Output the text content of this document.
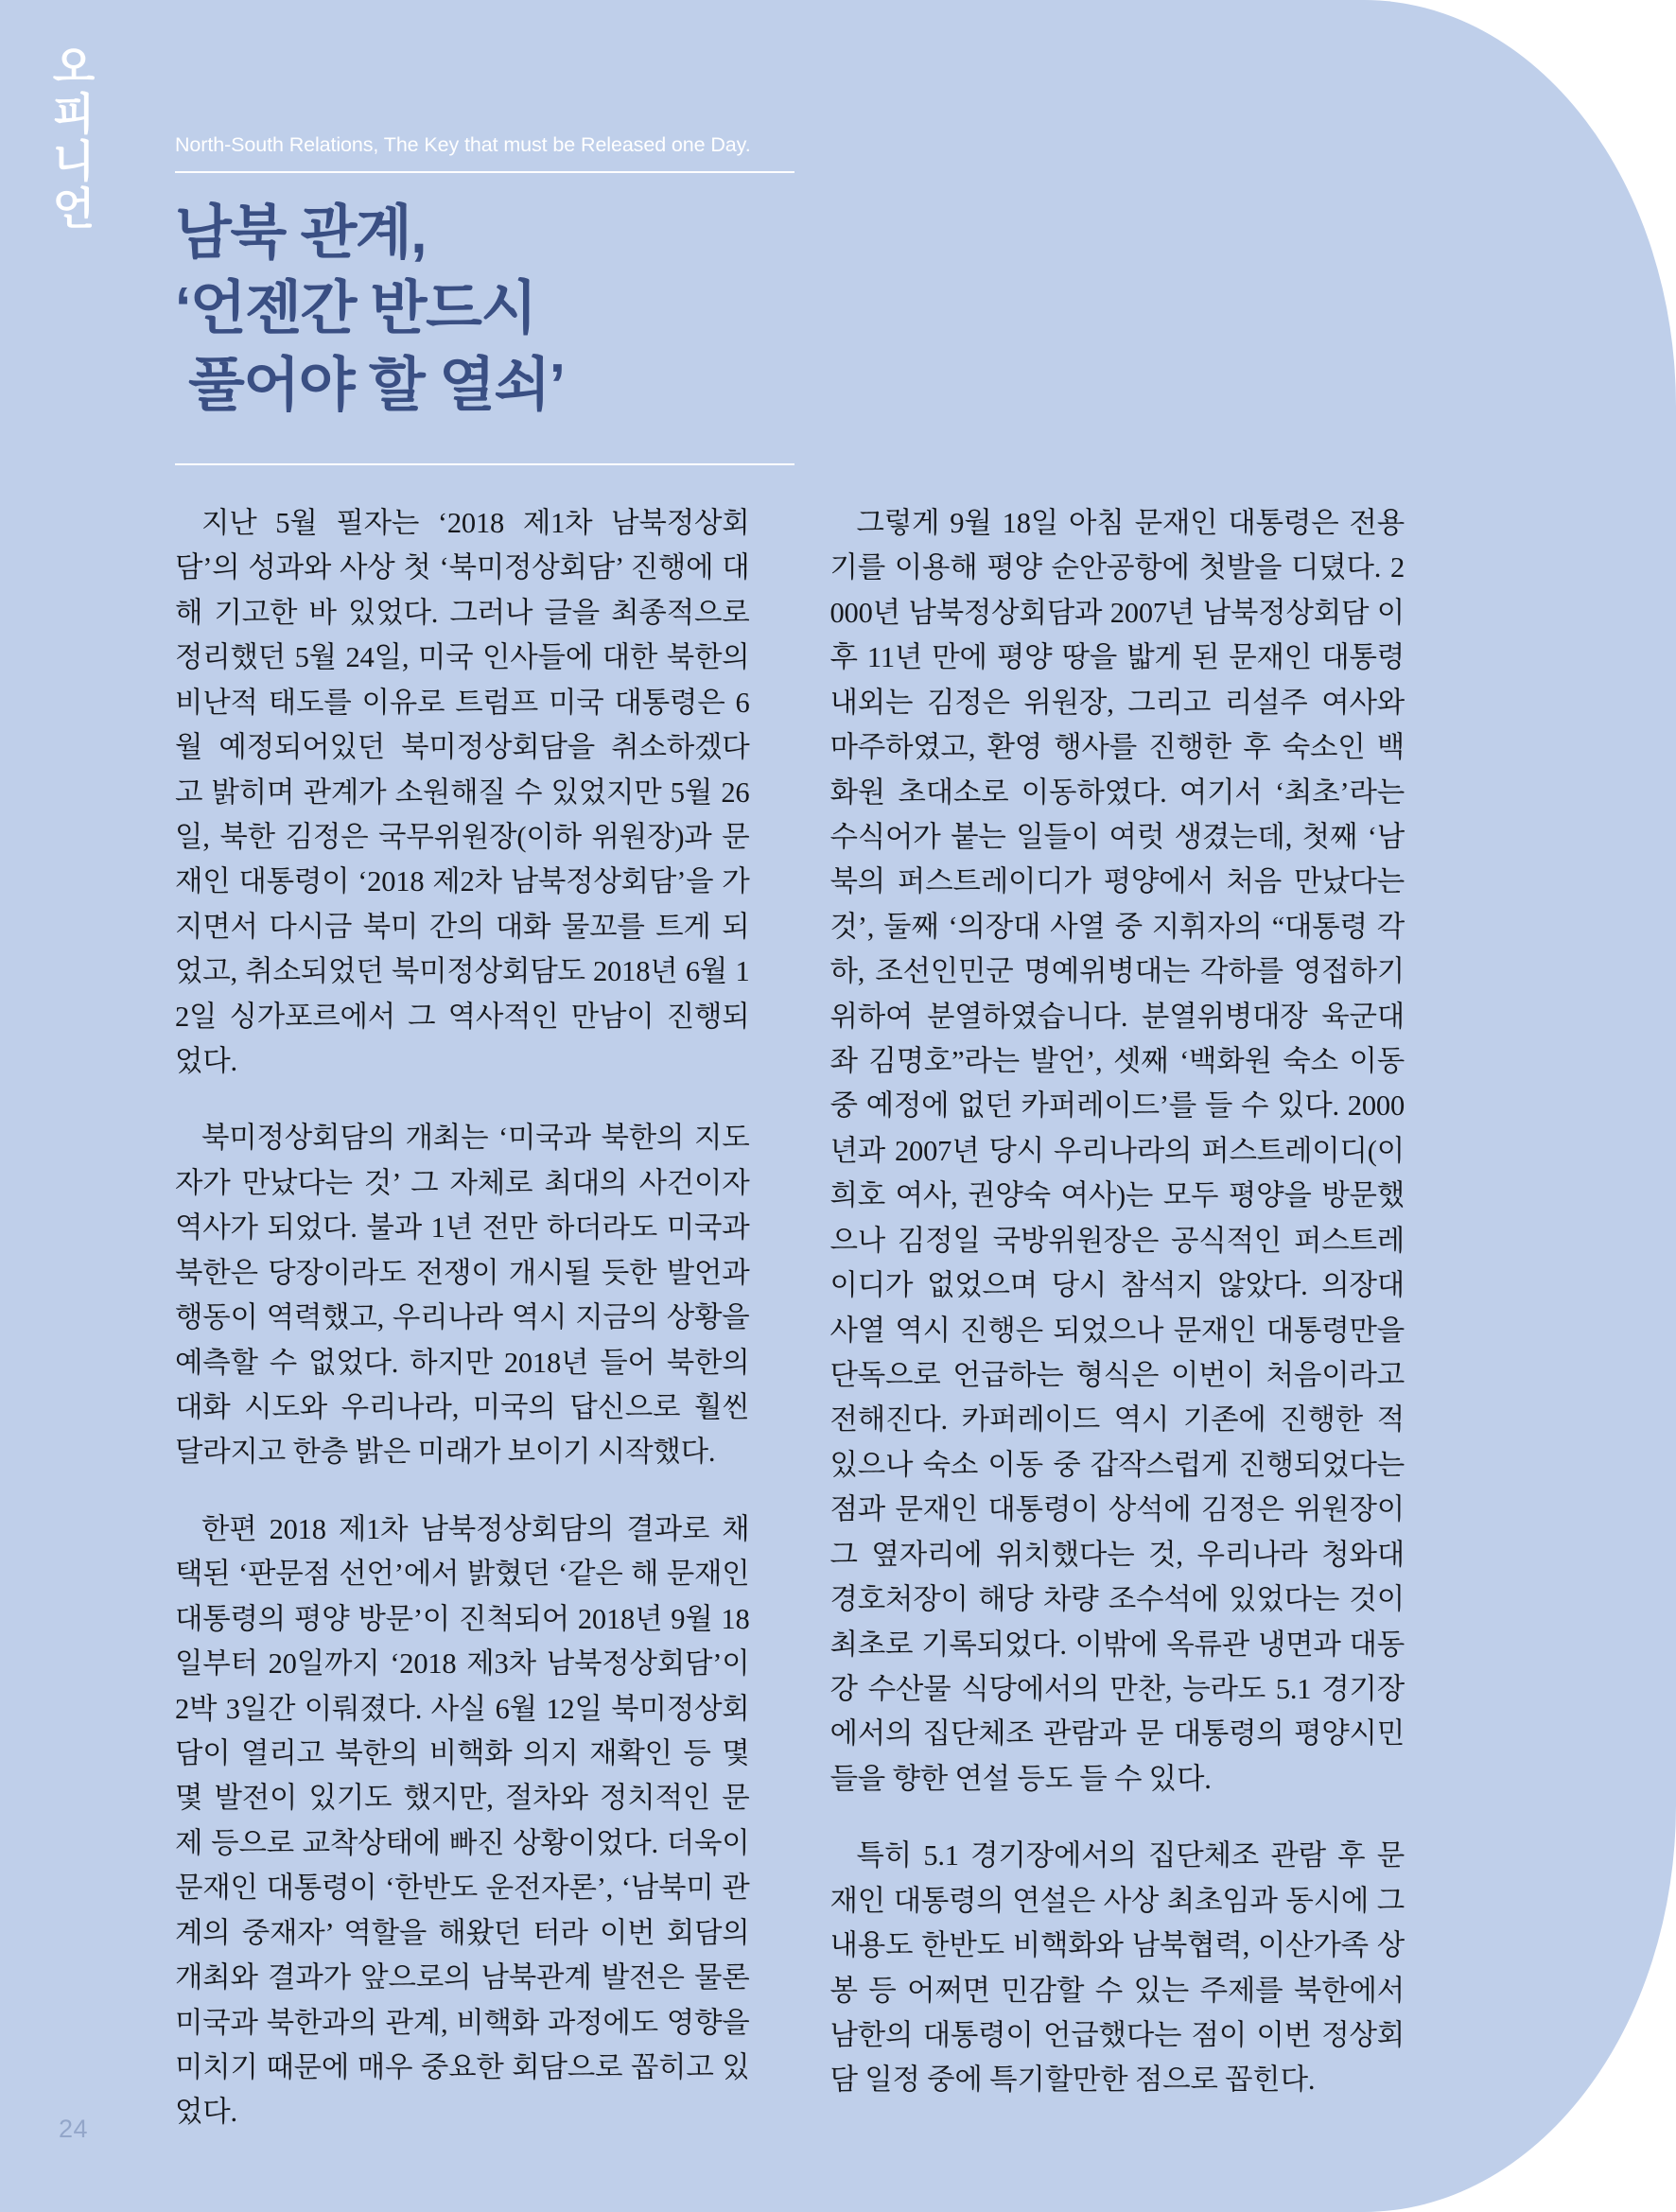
오피니언	North-South Relations, The Key that must be Released one Day.
남북 관계,
‘언젠간 반드시
풀어야 할 열쇠’

지난 5월 필자는 ‘2018 제1차 남북정상회담’의 성과와 사상 첫 ‘북미정상회담’ 진행에 대해 기고한 바 있었다. 그러나 글을 최종적으로 정리했던 5월 24일, 미국 인사들에 대한 북한의 비난적 태도를 이유로 트럼프 미국 대통령은 6월 예정되어있던 북미정상회담을 취소하겠다고 밝히며 관계가 소원해질 수 있었지만 5월 26일, 북한 김정은 국무위원장(이하 위원장)과 문재인 대통령이 ‘2018 제2차 남북정상회담’을 가지면서 다시금 북미 간의 대화 물꼬를 트게 되었고, 취소되었던 북미정상회담도 2018년 6월 12일 싱가포르에서 그 역사적인 만남이 진행되었다.

북미정상회담의 개최는 ‘미국과 북한의 지도자가 만났다는 것’ 그 자체로 최대의 사건이자 역사가 되었다. 불과 1년 전만 하더라도 미국과 북한은 당장이라도 전쟁이 개시될 듯한 발언과 행동이 역력했고, 우리나라 역시 지금의 상황을 예측할 수 없었다. 하지만 2018년 들어 북한의 대화 시도와 우리나라, 미국의 답신으로 훨씬 달라지고 한층 밝은 미래가 보이기 시작했다.

한편 2018 제1차 남북정상회담의 결과로 채택된 ‘판문점 선언’에서 밝혔던 ‘같은 해 문재인 대통령의 평양 방문’이 진척되어 2018년 9월 18일부터 20일까지 ‘2018 제3차 남북정상회담’이 2박 3일간 이뤄졌다. 사실 6월 12일 북미정상회담이 열리고 북한의 비핵화 의지 재확인 등 몇몇 발전이 있기도 했지만, 절차와 정치적인 문제 등으로 교착상태에 빠진 상황이었다. 더욱이 문재인 대통령이 ‘한반도 운전자론’, ‘남북미 관계의 중재자’ 역할을 해왔던 터라 이번 회담의 개최와 결과가 앞으로의 남북관계 발전은 물론 미국과 북한과의 관계, 비핵화 과정에도 영향을 미치기 때문에 매우 중요한 회담으로 꼽히고 있었다.

그렇게 9월 18일 아침 문재인 대통령은 전용기를 이용해 평양 순안공항에 첫발을 디뎠다. 2000년 남북정상회담과 2007년 남북정상회담 이후 11년 만에 평양 땅을 밟게 된 문재인 대통령 내외는 김정은 위원장, 그리고 리설주 여사와 마주하였고, 환영 행사를 진행한 후 숙소인 백화원 초대소로 이동하였다. 여기서 ‘최초’라는 수식어가 붙는 일들이 여럿 생겼는데, 첫째 ‘남북의 퍼스트레이디가 평양에서 처음 만났다는 것’, 둘째 ‘의장대 사열 중 지휘자의 “대통령 각하, 조선인민군 명예위병대는 각하를 영접하기 위하여 분열하였습니다. 분열위병대장 육군대좌 김명호”라는 발언’, 셋째 ‘백화원 숙소 이동 중 예정에 없던 카퍼레이드’를 들 수 있다. 2000년과 2007년 당시 우리나라의 퍼스트레이디(이희호 여사, 권양숙 여사)는 모두 평양을 방문했으나 김정일 국방위원장은 공식적인 퍼스트레이디가 없었으며 당시 참석지 않았다. 의장대 사열 역시 진행은 되었으나 문재인 대통령만을 단독으로 언급하는 형식은 이번이 처음이라고 전해진다. 카퍼레이드 역시 기존에 진행한 적 있으나 숙소 이동 중 갑작스럽게 진행되었다는 점과 문재인 대통령이 상석에 김정은 위원장이 그 옆자리에 위치했다는 것, 우리나라 청와대 경호처장이 해당 차량 조수석에 있었다는 것이 최초로 기록되었다. 이밖에 옥류관 냉면과 대동강 수산물 식당에서의 만찬, 능라도 5.1 경기장에서의 집단체조 관람과 문 대통령의 평양시민들을 향한 연설 등도 들 수 있다.

특히 5.1 경기장에서의 집단체조 관람 후 문재인 대통령의 연설은 사상 최초임과 동시에 그 내용도 한반도 비핵화와 남북협력, 이산가족 상봉 등 어쩌면 민감할 수 있는 주제를 북한에서 남한의 대통령이 언급했다는 점이 이번 정상회담 일정 중에 특기할만한 점으로 꼽힌다.

24
